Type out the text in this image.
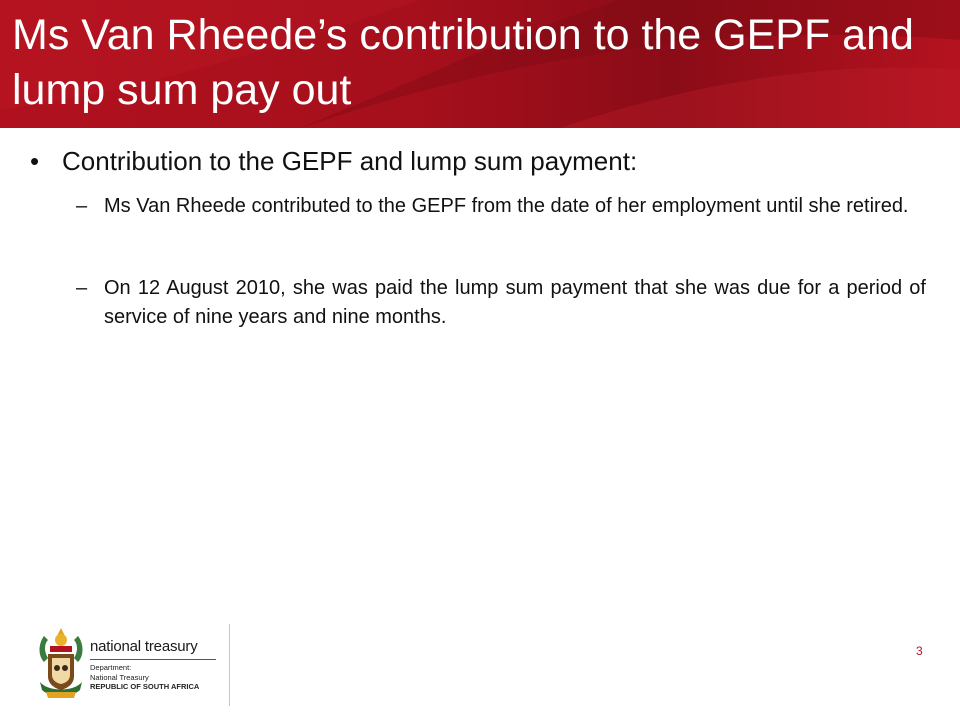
Ms Van Rheede’s contribution to the GEPF and lump sum pay out
• Contribution to the GEPF and lump sum payment:
– Ms Van Rheede contributed to the GEPF from the date of her employment until she retired.
– On 12 August 2010, she was paid the lump sum payment that she was due for a period of service of nine years and nine months.
national treasury
Department:
National Treasury
REPUBLIC OF SOUTH AFRICA
3
